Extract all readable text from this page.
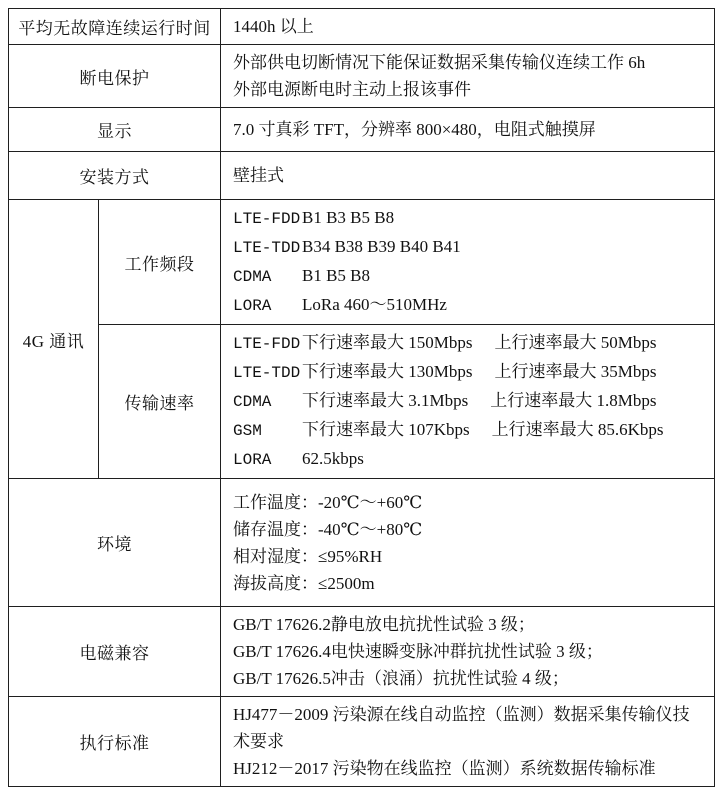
平均无故障连续运行时间		1440h 以上

断电保护		外部供电切断情况下能保证数据采集传输仪连续工作 6h
外部电源断电时主动上报该事件

显示		7.0 寸真彩 TFT，分辨率 800×480，电阻式触摸屏

安装方式		壁挂式

4G 通讯	工作频段	LTE-FDD B1 B3 B5 B8
LTE-TDD B34 B38 B39 B40 B41
CDMA B1 B5 B8
LORA LoRa 460～510MHz

	传输速率	LTE-FDD 下行速率最大 150Mbps 上行速率最大 50Mbps
LTE-TDD 下行速率最大 130Mbps 上行速率最大 35Mbps
CDMA 下行速率最大 3.1Mbps 上行速率最大 1.8Mbps
GSM 下行速率最大 107Kbps 上行速率最大 85.6Kbps
LORA 62.5kbps

环境		工作温度：-20℃～+60℃
储存温度：-40℃～+80℃
相对湿度：≤95%RH
海拔高度：≤2500m

电磁兼容		GB/T 17626.2静电放电抗扰性试验 3 级；
GB/T 17626.4电快速瞬变脉冲群抗扰性试验 3 级；
GB/T 17626.5冲击（浪涌）抗扰性试验 4 级；

执行标准		HJ477－2009 污染源在线自动监控（监测）数据采集传输仪技术要求
HJ212－2017 污染物在线监控（监测）系统数据传输标准
